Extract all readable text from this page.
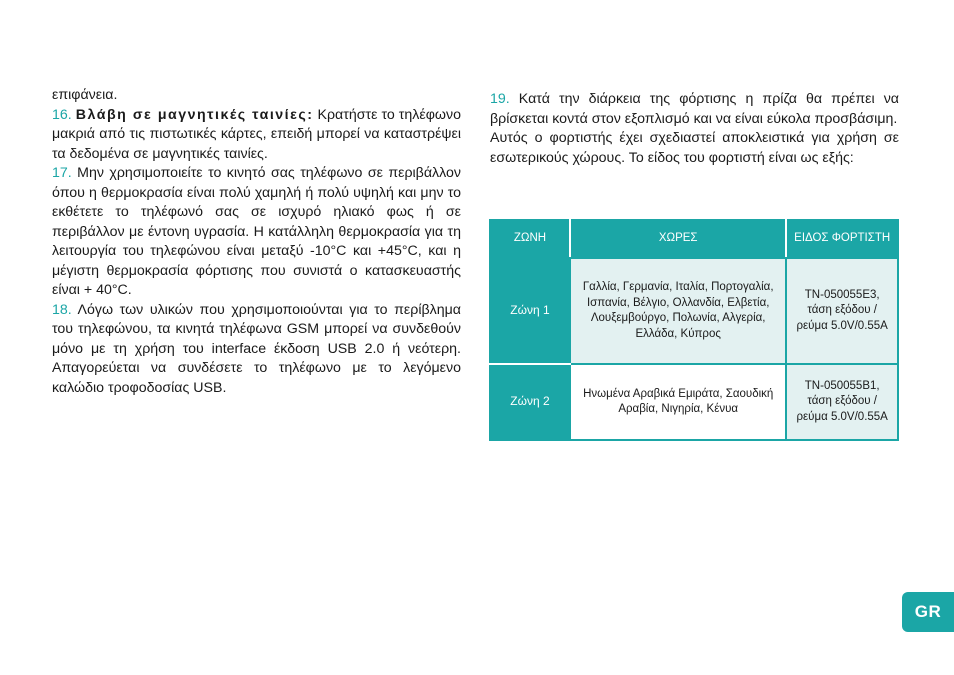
επιφάνεια.

16. Βλάβη σε μαγνητικές ταινίες: Κρατήστε το τηλέφωνο μακριά από τις πιστωτικές κάρτες, επειδή μπορεί να καταστρέψει τα δεδομένα σε μαγνητικές ταινίες.

17. Μην χρησιμοποιείτε το κινητό σας τηλέφωνο σε περιβάλλον όπου η θερμοκρασία είναι πολύ χαμηλή ή πολύ υψηλή και μην το εκθέτετε το τηλέφωνό σας σε ισχυρό ηλιακό φως ή σε περιβάλλον με έντονη υγρασία. Η κατάλληλη θερμοκρασία για τη λειτουργία του τηλεφώνου είναι μεταξύ -10°C και +45°C, και η μέγιστη θερμοκρασία φόρτισης που συνιστά ο κατασκευαστής είναι + 40°C.

18. Λόγω των υλικών που χρησιμοποιούνται για το περίβλημα του τηλεφώνου, τα κινητά τηλέφωνα GSM μπορεί να συνδεθούν μόνο με τη χρήση του interface έκδοση USB 2.0 ή νεότερη. Απαγορεύεται να συνδέσετε το τηλέφωνο με το λεγόμενο καλώδιο τροφοδοσίας USB.

19. Κατά την διάρκεια της φόρτισης η πρίζα θα πρέπει να βρίσκεται κοντά στον εξοπλισμό και να είναι εύκολα προσβάσιμη.

Αυτός ο φορτιστής έχει σχεδιαστεί αποκλειστικά για χρήση σε εσωτερικούς χώρους. Το είδος του φορτιστή είναι ως εξής:

ΖΩΝΗ	ΧΩΡΕΣ	ΕΙΔΟΣ ΦΟΡΤΙΣΤΗ
Ζώνη 1	Γαλλία, Γερμανία, Ιταλία, Πορτογαλία, Ισπανία, Βέλγιο, Ολλανδία, Ελβετία, Λουξεμβούργο, Πολωνία, Αλγερία, Ελλάδα, Κύπρος	TN-050055E3, τάση εξόδου / ρεύμα 5.0V/0.55A
Ζώνη 2	Ηνωμένα Αραβικά Εμιράτα, Σαουδική Αραβία, Νιγηρία, Κένυα	TN-050055B1, τάση εξόδου / ρεύμα 5.0V/0.55A
GR
